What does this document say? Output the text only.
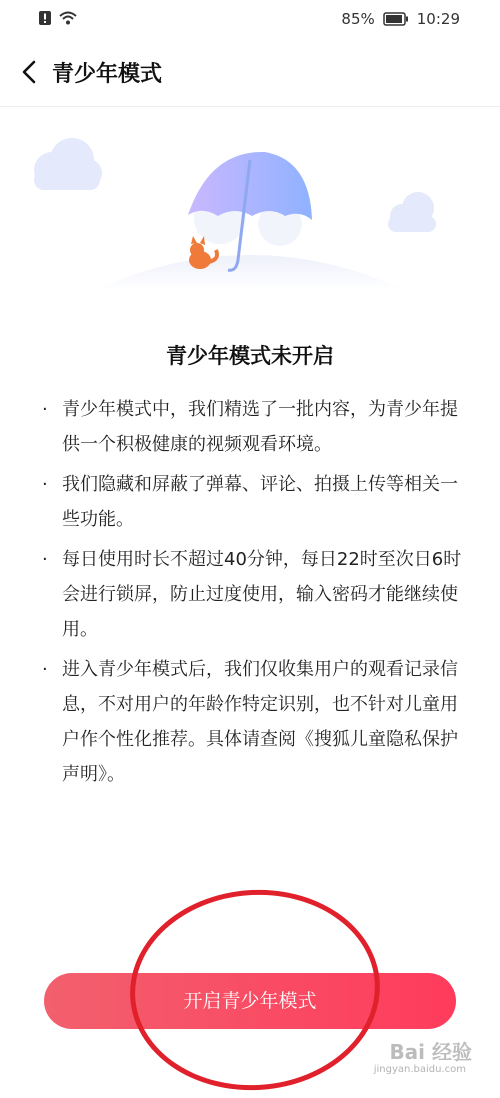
85%	10:29
青少年模式
青少年模式未开启
· 青少年模式中，我们精选了一批内容，为青少年提供一个积极健康的视频观看环境。
· 我们隐藏和屏蔽了弹幕、评论、拍摄上传等相关一些功能。
· 每日使用时长不超过40分钟，每日22时至次日6时会进行锁屏，防止过度使用，输入密码才能继续使用。
· 进入青少年模式后，我们仅收集用户的观看记录信息，不对用户的年龄作特定识别，也不针对儿童用户作个性化推荐。具体请查阅《搜狐儿童隐私保护声明》。
开启青少年模式
Bai 经验
jingyan.baidu.com
